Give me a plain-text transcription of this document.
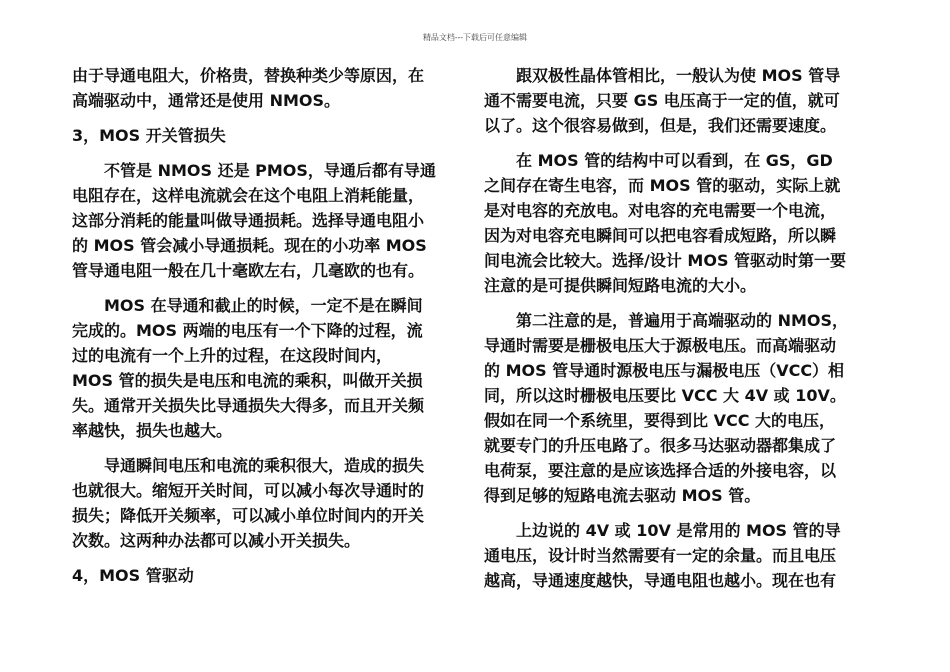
精品文档---下载后可任意编辑
由于导通电阻大，价格贵，替换种类少等原因，在
高端驱动中，通常还是使用 NMOS。
3，MOS 开关管损失
　　不管是 NMOS 还是 PMOS，导通后都有导通
电阻存在，这样电流就会在这个电阻上消耗能量，
这部分消耗的能量叫做导通损耗。选择导通电阻小
的 MOS 管会减小导通损耗。现在的小功率 MOS
管导通电阻一般在几十毫欧左右，几毫欧的也有。
　　MOS 在导通和截止的时候，一定不是在瞬间
完成的。MOS 两端的电压有一个下降的过程，流
过的电流有一个上升的过程，在这段时间内，
MOS 管的损失是电压和电流的乘积，叫做开关损
失。通常开关损失比导通损失大得多，而且开关频
率越快，损失也越大。
　　导通瞬间电压和电流的乘积很大，造成的损失
也就很大。缩短开关时间，可以减小每次导通时的
损失；降低开关频率，可以减小单位时间内的开关
次数。这两种办法都可以减小开关损失。
4，MOS 管驱动
　　跟双极性晶体管相比，一般认为使 MOS 管导
通不需要电流，只要 GS 电压高于一定的值，就可
以了。这个很容易做到，但是，我们还需要速度。
　　在 MOS 管的结构中可以看到，在 GS，GD
之间存在寄生电容，而 MOS 管的驱动，实际上就
是对电容的充放电。对电容的充电需要一个电流，
因为对电容充电瞬间可以把电容看成短路，所以瞬
间电流会比较大。选择/设计 MOS 管驱动时第一要
注意的是可提供瞬间短路电流的大小。
　　第二注意的是，普遍用于高端驱动的 NMOS，
导通时需要是栅极电压大于源极电压。而高端驱动
的 MOS 管导通时源极电压与漏极电压（VCC）相
同，所以这时栅极电压要比 VCC 大 4V 或 10V。
假如在同一个系统里，要得到比 VCC 大的电压，
就要专门的升压电路了。很多马达驱动器都集成了
电荷泵，要注意的是应该选择合适的外接电容，以
得到足够的短路电流去驱动 MOS 管。
　　上边说的 4V 或 10V 是常用的 MOS 管的导
通电压，设计时当然需要有一定的余量。而且电压
越高，导通速度越快，导通电阻也越小。现在也有
